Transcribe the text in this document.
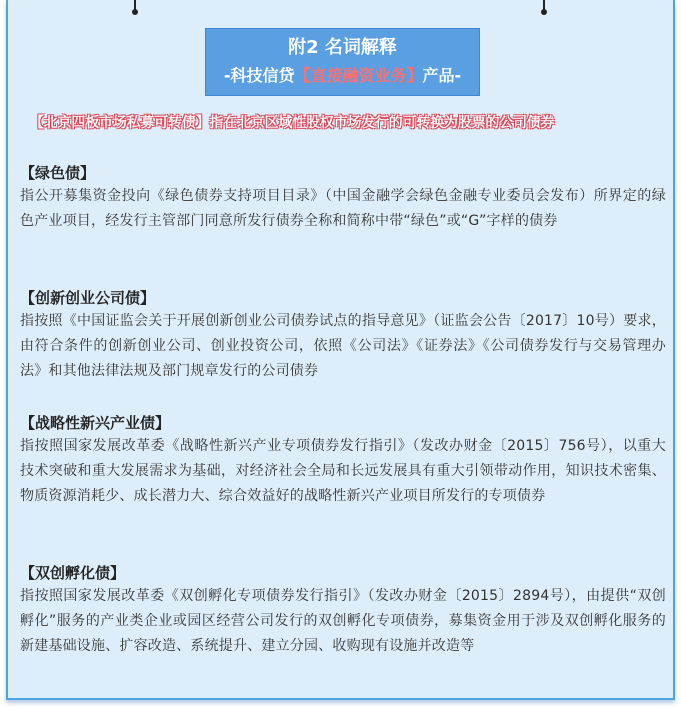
附2 名词解释
-科技信贷【直接融资业务】产品-
【北京四板市场私募可转债】指在北京区域性股权市场发行的可转换为股票的公司债券
【绿色债】
指公开募集资金投向《绿色债券支持项目目录》（中国金融学会绿色金融专业委员会发布）所界定的绿色产业项目，经发行主管部门同意所发行债券全称和简称中带“绿色”或“G”字样的债券
【创新创业公司债】
指按照《中国证监会关于开展创新创业公司债券试点的指导意见》（证监会公告〔2017〕10号）要求，由符合条件的创新创业公司、创业投资公司，依照《公司法》《证券法》《公司债券发行与交易管理办法》和其他法律法规及部门规章发行的公司债券
【战略性新兴产业债】
指按照国家发展改革委《战略性新兴产业专项债券发行指引》（发改办财金〔2015〕756号），以重大技术突破和重大发展需求为基础，对经济社会全局和长远发展具有重大引领带动作用，知识技术密集、物质资源消耗少、成长潜力大、综合效益好的战略性新兴产业项目所发行的专项债券
【双创孵化债】
指按照国家发展改革委《双创孵化专项债券发行指引》（发改办财金〔2015〕2894号），由提供“双创孵化”服务的产业类企业或园区经营公司发行的双创孵化专项债券，募集资金用于涉及双创孵化服务的新建基础设施、扩容改造、系统提升、建立分园、收购现有设施并改造等
